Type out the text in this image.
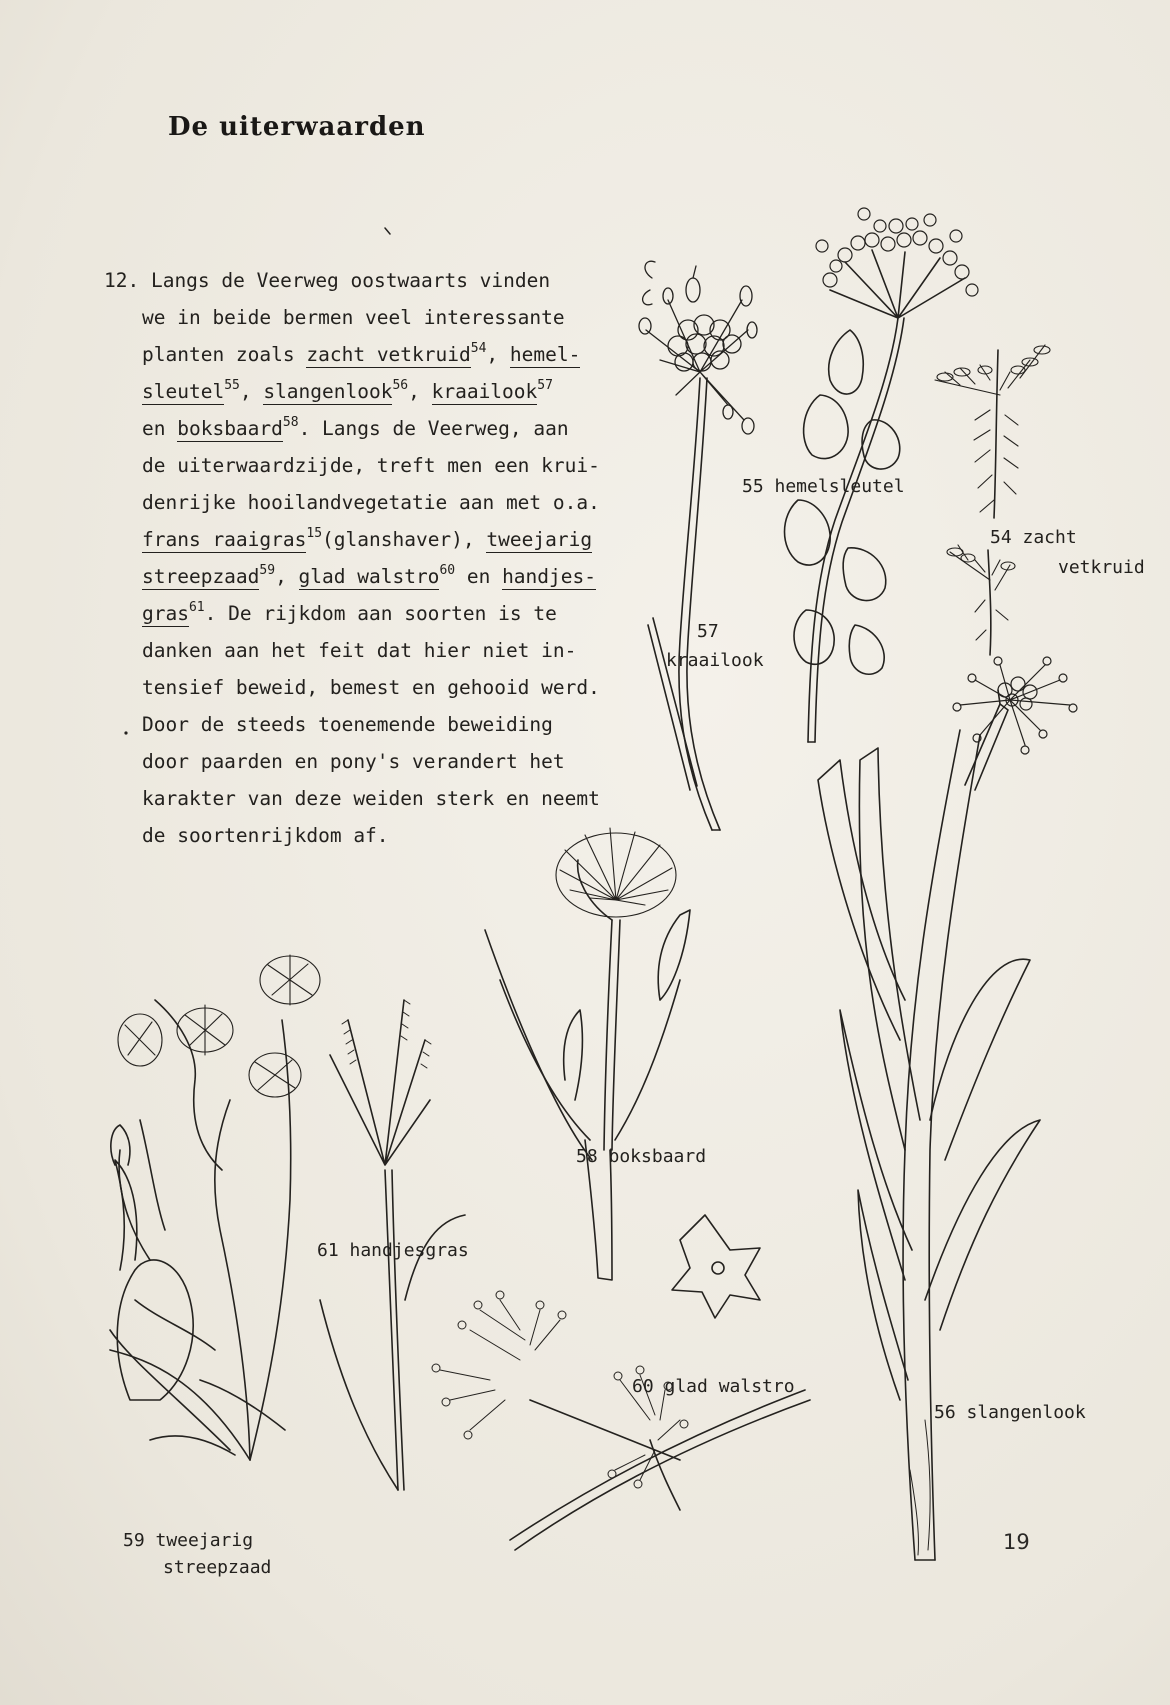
De uiterwaarden
12. Langs de Veerweg oostwaarts vinden
we in beide bermen veel interessante
planten zoals zacht vetkruid$^{54}$, hemel-
sleutel$^{55}$, slangenlook$^{56}$, kraailook$^{57}$
en boksbaard$^{58}$. Langs de Veerweg, aan
de uiterwaardzijde, treft men een krui-
denrijke hooilandvegetatie aan met o.a.
frans raaigras$^{15}$(glanshaver), tweejarig
streepzaad$^{59}$, glad walstro$^{60}$ en handjes-
gras$^{61}$. De rijkdom aan soorten is te
danken aan het feit dat hier niet in-
tensief beweid, bemest en gehooid werd.
Door de steeds toenemende beweiding
door paarden en pony's verandert het
karakter van deze weiden sterk en neemt
de soortenrijkdom af.
55 hemelsleutel
54 zacht
vetkruid
57
kraailook
58 boksbaard
61 handjesgras
60 glad walstro
56 slangenlook
59 tweejarig
streepzaad
19
